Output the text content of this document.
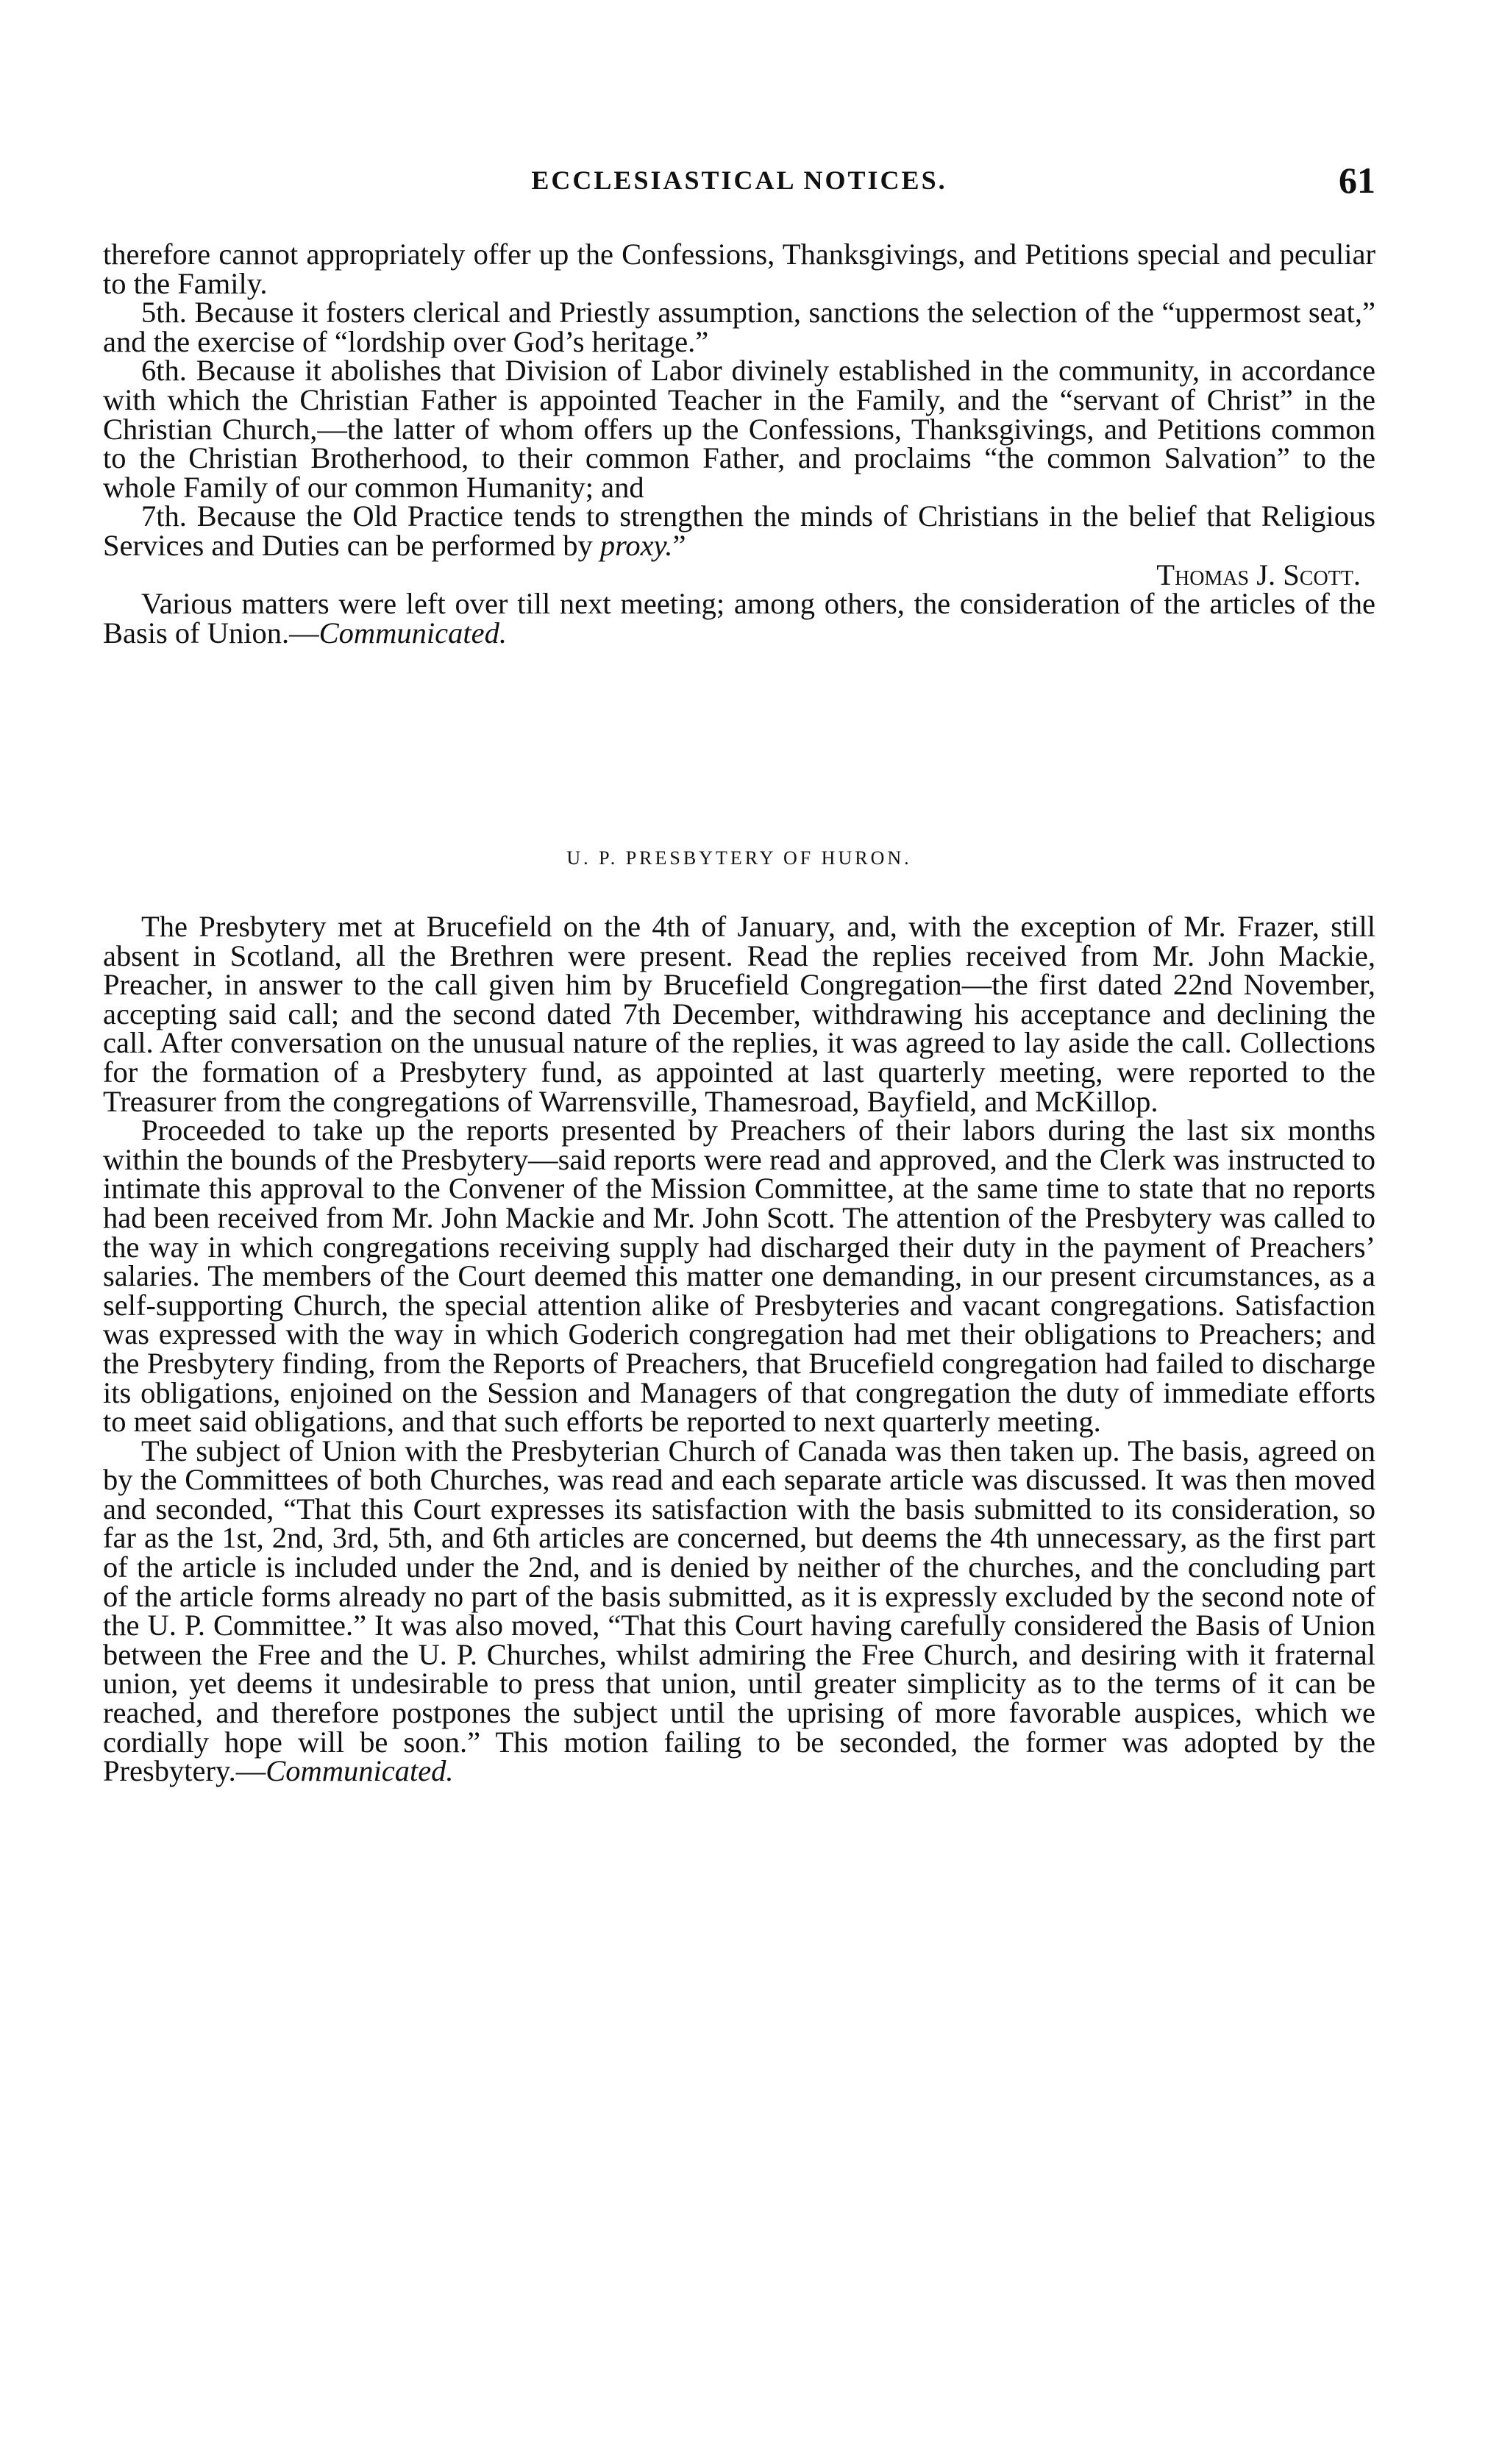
ECCLESIASTICAL NOTICES.	61

therefore cannot appropriately offer up the Confessions, Thanksgivings, and Petitions special and peculiar to the Family.

5th. Because it fosters clerical and Priestly assumption, sanctions the selection of the “uppermost seat,” and the exercise of “lordship over God’s heritage.”

6th. Because it abolishes that Division of Labor divinely established in the community, in accordance with which the Christian Father is appointed Teacher in the Family, and the “servant of Christ” in the Christian Church,—the latter of whom offers up the Confessions, Thanksgivings, and Petitions common to the Christian Brotherhood, to their common Father, and proclaims “the common Salvation” to the whole Family of our common Humanity; and

7th. Because the Old Practice tends to strengthen the minds of Christians in the belief that Religious Services and Duties can be performed by proxy.”

Thomas J. Scott.

Various matters were left over till next meeting; among others, the consideration of the articles of the Basis of Union.—Communicated.

U. P. PRESBYTERY OF HURON.

The Presbytery met at Brucefield on the 4th of January, and, with the exception of Mr. Frazer, still absent in Scotland, all the Brethren were present. Read the replies received from Mr. John Mackie, Preacher, in answer to the call given him by Brucefield Congregation—the first dated 22nd November, accepting said call; and the second dated 7th December, withdrawing his acceptance and declining the call. After conversation on the unusual nature of the replies, it was agreed to lay aside the call. Collections for the formation of a Presbytery fund, as appointed at last quarterly meeting, were reported to the Treasurer from the congregations of Warrensville, Thamesroad, Bayfield, and McKillop.

Proceeded to take up the reports presented by Preachers of their labors during the last six months within the bounds of the Presbytery—said reports were read and approved, and the Clerk was instructed to intimate this approval to the Convener of the Mission Committee, at the same time to state that no reports had been received from Mr. John Mackie and Mr. John Scott. The attention of the Presbytery was called to the way in which congregations receiving supply had discharged their duty in the payment of Preachers’ salaries. The members of the Court deemed this matter one demanding, in our present circumstances, as a self-supporting Church, the special attention alike of Presbyteries and vacant congregations. Satisfaction was expressed with the way in which Goderich congregation had met their obligations to Preachers; and the Presbytery finding, from the Reports of Preachers, that Brucefield congregation had failed to discharge its obligations, enjoined on the Session and Managers of that congregation the duty of immediate efforts to meet said obligations, and that such efforts be reported to next quarterly meeting.

The subject of Union with the Presbyterian Church of Canada was then taken up. The basis, agreed on by the Committees of both Churches, was read and each separate article was discussed. It was then moved and seconded, “That this Court expresses its satisfaction with the basis submitted to its consideration, so far as the 1st, 2nd, 3rd, 5th, and 6th articles are concerned, but deems the 4th unnecessary, as the first part of the article is included under the 2nd, and is denied by neither of the churches, and the concluding part of the article forms already no part of the basis submitted, as it is expressly excluded by the second note of the U. P. Committee.” It was also moved, “That this Court having carefully considered the Basis of Union between the Free and the U. P. Churches, whilst admiring the Free Church, and desiring with it fraternal union, yet deems it undesirable to press that union, until greater simplicity as to the terms of it can be reached, and therefore postpones the subject until the uprising of more favorable auspices, which we cordially hope will be soon.” This motion failing to be seconded, the former was adopted by the Presbytery.—Communicated.
